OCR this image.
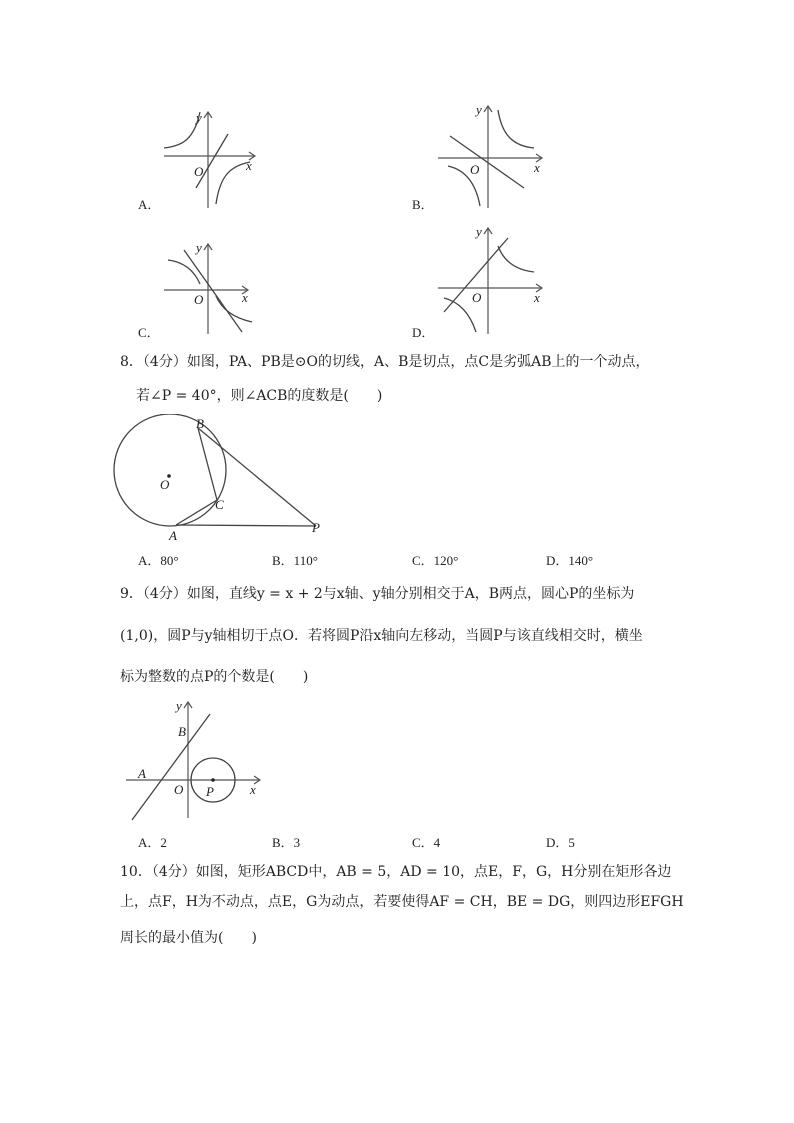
A．
y
x
O
B．
y
x
O
C．
y
x
O
D．
y
x
O
8．（4分）如图，PA、PB是⊙O的切线，A、B是切点，点C是劣弧AB上的一个动点，
若∠P = 40°，则∠ACB的度数是(　　)
B
O
C
A
P
A．80°	B．110°	C．120°	D．140°
9．（4分）如图，直线y = x + 2与x轴、y轴分别相交于A，B两点，圆心P的坐标为
(1,0)，圆P与y轴相切于点O．若将圆P沿x轴向左移动，当圆P与该直线相交时，横坐
标为整数的点P的个数是(　　)
y
B
A
O P	x
A．2	B．3	C．4	D．5
10．（4分）如图，矩形ABCD中，AB = 5，AD = 10，点E，F，G，H分别在矩形各边
上，点F，H为不动点，点E，G为动点，若要使得AF = CH，BE = DG，则四边形EFGH
周长的最小值为(　　)
